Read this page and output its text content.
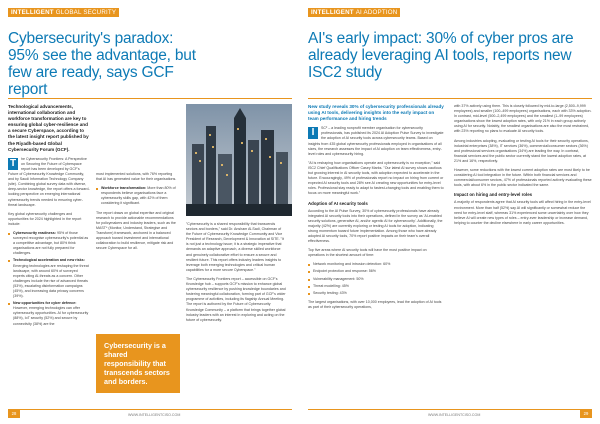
INTELLIGENT GLOBAL SECURITY
Cybersecurity's paradox: 95% see the advantage, but few are ready, says GCF report

Technological advancements, international collaboration and workforce transformation are key to ensuring global cyber-resilience and a secure Cyberspace, according to the latest insight report published by the Riyadh-based Global Cybersecurity Forum (GCF).

T	he Cybersecurity Frontiers: A Perspective on Securing the Future of Cyberspace report has been developed by GCF's Future of Cybersecurity Knowledge Community, and by Saudi Information Technology Company (site). Combining global survey data with diverse, deep-sector knowledge, the report offers a forward-looking perspective on emerging international cybersecurity trends needed to ensuring cyber-threat landscape.

Key global cybersecurity challenges and opportunities for 2024 highlighted in the report include:

Cybersecurity readiness: 95% of those surveyed recognise cybersecurity's potential as a competitive advantage, but 80% think organisations are not fully prepared for challenges.
Technological acceleration and new risks: Emerging technologies are reshaping the threat landscape, with around 60% of surveyed experts citing AI-threats as a concern. Other challenges include the rise of advanced threats (53%), escalating disinformation campaigns (45%), and increasing data privacy concerns (39%).
New opportunities for cyber defence: However, emerging technologies can offer cybersecurity opportunities. AI for cybersecurity (88%), IoT security (52%) and secure by connectivity (38%) are the

most implemented solutions, with 76% reporting that AI has generated value for their organisations.

Workforce transformation: More than 80% of respondents believe organisations face a cybersecurity skills gap, with 42% of them considering it significant.

The report draws on global expertise and original research to provide actionable recommendations for policymakers and industry leaders, such as the MAST* (Monitor, Understand, Strategise and Transform) framework, anchored in a balanced approach toward investment and international collaboration to build resilience, mitigate risk and secure Cyberspace for all.

Cybersecurity is a shared responsibility that transcends sectors and borders.

"Cybersecurity is a shared responsibility that transcends sectors and borders," said Dr. Ansham Al-Sadi, Chairman of the Future of Cybersecurity Knowledge Community and Vice President of Research, Development & Innovation at SITE. "It is not just a technology issue; it is a strategic imperative that demands an adaptive approach, a diverse skilled workforce and genuinely collaborative effort to ensure a secure and resilient future. This report offers industry leaders insights to leverage both emerging technologies and critical human capabilities for a more secure Cyberspace."

The Cybersecurity Frontiers report – accessible on GCF's Knowledge hub – supports GCF's mission to enhance global cybersecurity resilience by pushing knowledge boundaries and fostering meaningful collaboration, forming part of GCF's wider programme of activities, including its flagship Annual Meeting. The report is authored by the Future of Cybersecurity Knowledge Community – a platform that brings together global industry leaders with an interest in exploring and acting on the future of cybersecurity.

28	WWW.INTELLIGENTCISO.COM
INTELLIGENT AI ADOPTION
AI's early impact: 30% of cyber pros are already leveraging AI tools, reports new ISC2 study

New study reveals 30% of cybersecurity professionals already using AI tools, delivering insights into the early impact on team performance and hiring trends

I	SC² – a leading nonprofit member organisation for cybersecurity professionals, has published its 2024 AI Adoption Pulse Survey to investigate the adoption of AI security tools across cybersecurity teams. Based on insights from 435 global cybersecurity professionals employed in organisations of all sizes, the research assesses the impact of AI adoption on team effectiveness, entry-level roles and cybersecurity hiring.

"AI is reshaping how organisations operate and cybersecurity is no exception," said ISC2 Chief Qualifications Officer Casey Marks. "Our latest AI survey shows cautious but growing interest in AI security tools, with adoption expected to accelerate in the future. Encouragingly, 49% of professionals report no impact on hiring from current or expected AI security tools and 28% see AI creating new opportunities for entry-level roles. Professional stay ready to adapt to fastest-changing tools and enabling them to focus on more meaningful work."

Adoption of AI security tools

According to the AI Pulse Survey, 30% of cybersecurity professionals have already integrated AI security tools into their operations, defined in the survey as 'AI-enabled security solutions, generative AI, and/or agentic AI for cybersecurity'. Additionally, the majority (42%) are currently exploring or testing AI tools for adoption, indicating strong momentum toward future implementation. Among those who have already adopted AI security tools, 70% report positive impacts on their team's overall effectiveness.

Top five areas where AI security tools will have the most positive impact on operations in the shortest amount of time:

Network monitoring and intrusion detection: 60%
Endpoint protection and response: 56%
Vulnerability management: 50%
Threat modelling: 45%
Security testing: 43%

The largest organisations, with over 10,000 employees, lead the adoption of AI tools as part of their cybersecurity operations,

with 37% actively using them. This is closely followed by mid-to-large (2,500–9,999 employees) and smaller (100–499 employees) organisations, each with 33% adoption. In contrast, mid-level (500–2,499 employees) and the smallest (1–99 employees) organisations show the lowest adoption rates, with only 21% in each group actively using AI for security. Notably, the smallest organisations are also the most restrained, with 23% reporting no plans to evaluate AI security tools.

Among industries adopting, evaluating or testing AI tools for their security operations, industrial enterprises (38%), IT services (36%), commercial/consumer sectors (36%) and professional services organisations (34%) are leading the way. In contrast, financial services and the public sector currently stand the lowest adoption rates, at 21% and 16%, respectively.

However, some reductions with the lowest current adoption rates are most likely to be considering AI tool integration in the future. Within both financial services and commercial/consumer sectors, 47% of professionals reported actively evaluating these tools, with about 6% in the public sector indicated the same.

Impact on hiring and entry-level roles

A majority of respondents agree that AI security tools will affect hiring in the entry-level environment. More than half (52%) say AI will significantly or somewhat reduce the need for entry-level staff, whereas 31% experienced some uncertainty over how they believe AI will create new types of roles – entry-ever leadership or increase demand, helping to counter the decline elsewhere in early career opportunities.

WWW.INTELLIGENTCISO.COM	29
